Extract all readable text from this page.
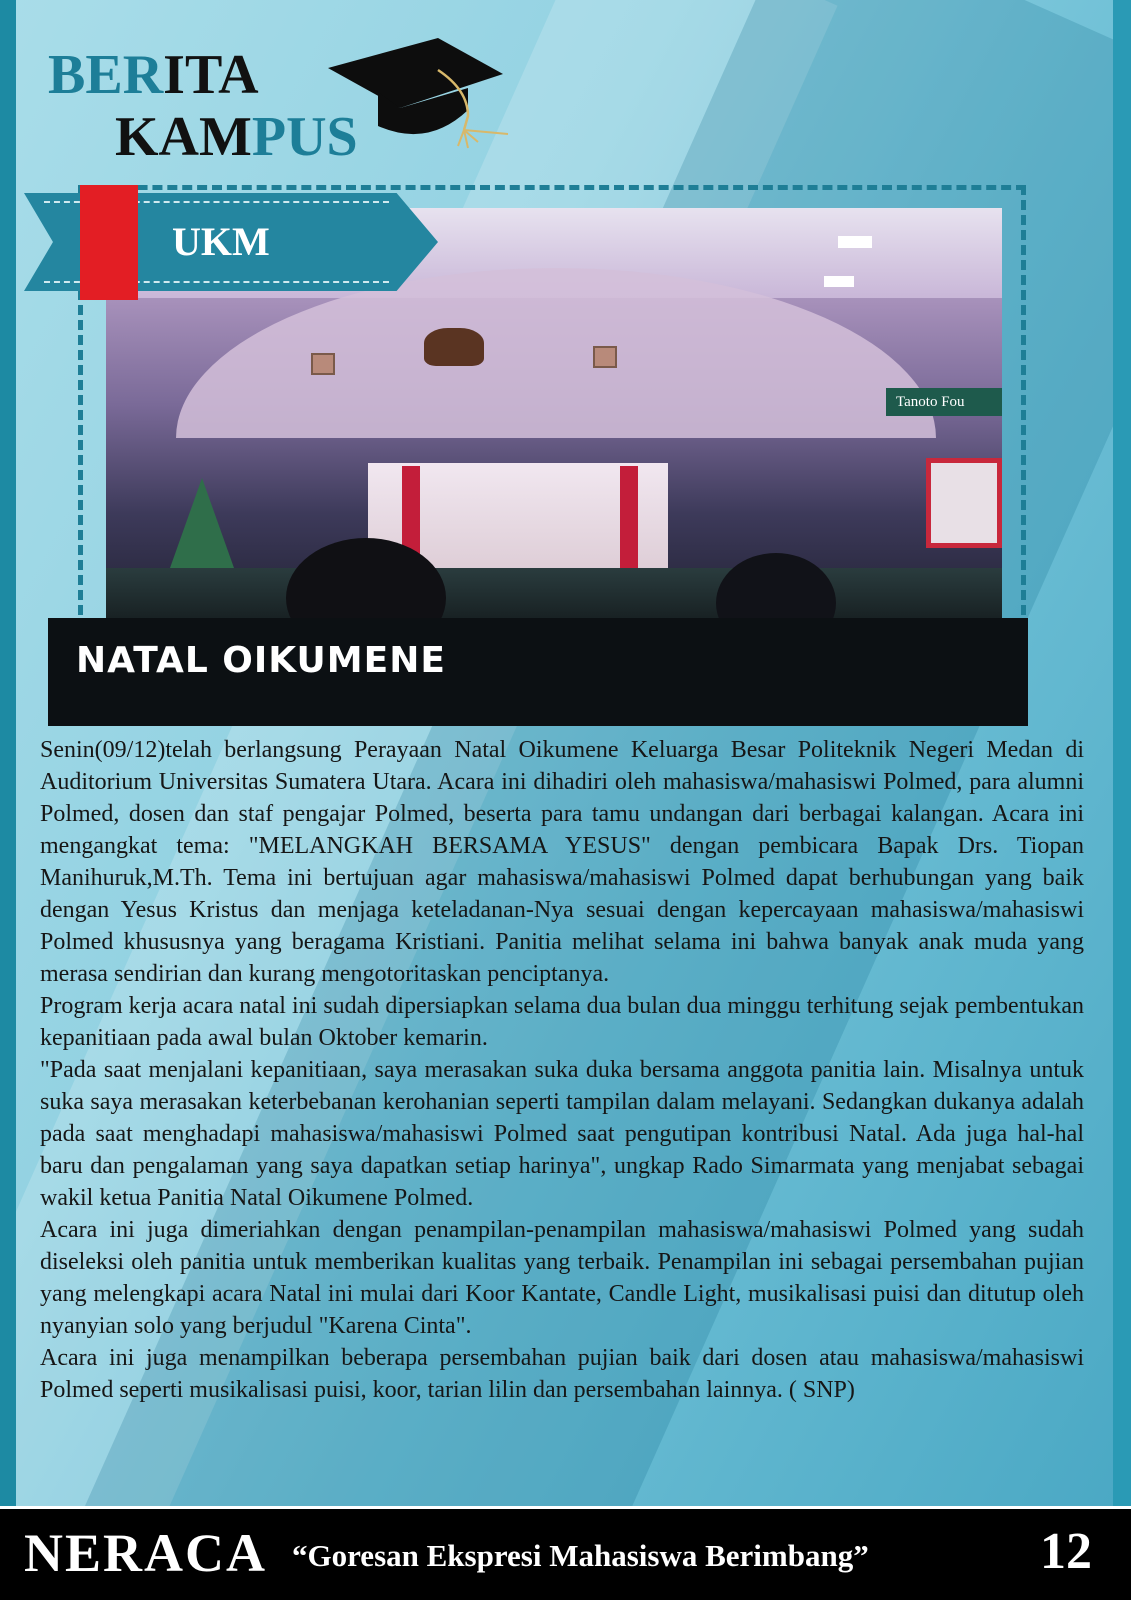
BERITA
KAMPUS
Tanoto Fou
UKM
NATAL OIKUMENE

Senin(09/12)telah berlangsung Perayaan Natal Oikumene Keluarga Besar Politeknik Negeri Medan di Auditorium Universitas Sumatera Utara. Acara ini dihadiri oleh mahasiswa/mahasiswi Polmed, para alumni Polmed, dosen dan staf pengajar Polmed, beserta para tamu undangan dari berbagai kalangan. Acara ini mengangkat tema: "MELANGKAH BERSAMA YESUS" dengan pembicara Bapak Drs. Tiopan Manihuruk,M.Th. Tema ini bertujuan agar mahasiswa/mahasiswi Polmed dapat berhubungan yang baik dengan Yesus Kristus dan menjaga keteladanan-Nya sesuai dengan kepercayaan mahasiswa/mahasiswi Polmed khususnya yang beragama Kristiani. Panitia melihat selama ini bahwa banyak anak muda yang merasa sendirian dan kurang mengotoritaskan penciptanya.

Program kerja acara natal ini sudah dipersiapkan selama dua bulan dua minggu terhitung sejak pembentukan kepanitiaan pada awal bulan Oktober kemarin.

"Pada saat menjalani kepanitiaan, saya merasakan suka duka bersama anggota panitia lain. Misalnya untuk suka saya merasakan keterbebanan kerohanian seperti tampilan dalam melayani. Sedangkan dukanya adalah pada saat menghadapi mahasiswa/mahasiswi Polmed saat pengutipan kontribusi Natal. Ada juga hal-hal baru dan pengalaman yang saya dapatkan setiap harinya", ungkap Rado Simarmata yang menjabat sebagai wakil ketua Panitia Natal Oikumene Polmed.

Acara ini juga dimeriahkan dengan penampilan-penampilan mahasiswa/mahasiswi Polmed yang sudah diseleksi oleh panitia untuk memberikan kualitas yang terbaik. Penampilan ini sebagai persembahan pujian yang melengkapi acara Natal ini mulai dari Koor Kantate, Candle Light, musikalisasi puisi dan ditutup oleh nyanyian solo yang berjudul "Karena Cinta".

Acara ini juga menampilkan beberapa persembahan pujian baik dari dosen atau mahasiswa/mahasiswi Polmed seperti musikalisasi puisi, koor, tarian lilin dan persembahan lainnya. ( SNP)

NERACA “Goresan Ekspresi Mahasiswa Berimbang”	12
